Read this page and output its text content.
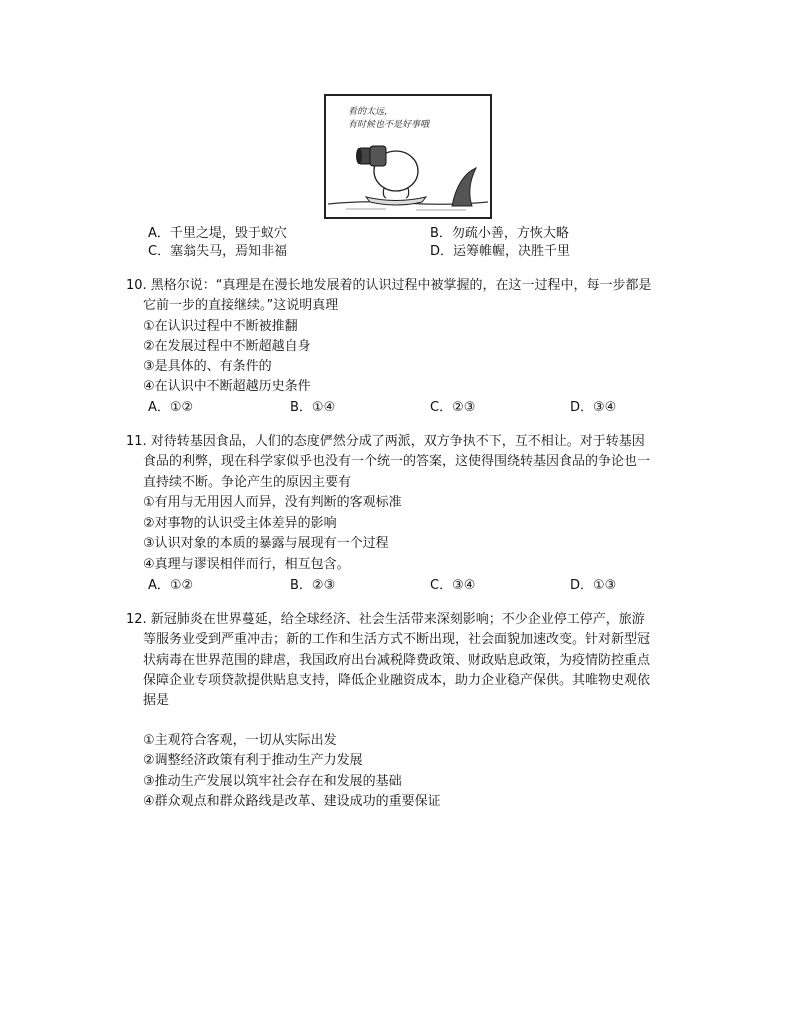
看的太远，
有时候也不是好事哦
A．千里之堤，毁于蚁穴	B．勿疏小善，方恢大略
C．塞翁失马，焉知非福	D．运筹帷幄，决胜千里
10. 黑格尔说：“真理是在漫长地发展着的认识过程中被掌握的，在这一过程中，每一步都是
它前一步的直接继续。”这说明真理
①在认识过程中不断被推翻
②在发展过程中不断超越自身
③是具体的、有条件的
④在认识中不断超越历史条件
A．①②	B．①④	C．②③	D．③④
11. 对待转基因食品，人们的态度俨然分成了两派，双方争执不下，互不相让。对于转基因
食品的利弊，现在科学家似乎也没有一个统一的答案，这使得围绕转基因食品的争论也一
直持续不断。争论产生的原因主要有
①有用与无用因人而异，没有判断的客观标准
②对事物的认识受主体差异的影响
③认识对象的本质的暴露与展现有一个过程
④真理与谬误相伴而行，相互包含。
A．①②	B．②③	C．③④	D．①③
12. 新冠肺炎在世界蔓延，给全球经济、社会生活带来深刻影响；不少企业停工停产，旅游
等服务业受到严重冲击；新的工作和生活方式不断出现，社会面貌加速改变。针对新型冠
状病毒在世界范围的肆虐，我国政府出台减税降费政策、财政贴息政策，为疫情防控重点
保障企业专项贷款提供贴息支持，降低企业融资成本，助力企业稳产保供。其唯物史观依
据是
①主观符合客观，一切从实际出发
②调整经济政策有利于推动生产力发展
③推动生产发展以筑牢社会存在和发展的基础
④群众观点和群众路线是改革、建设成功的重要保证
